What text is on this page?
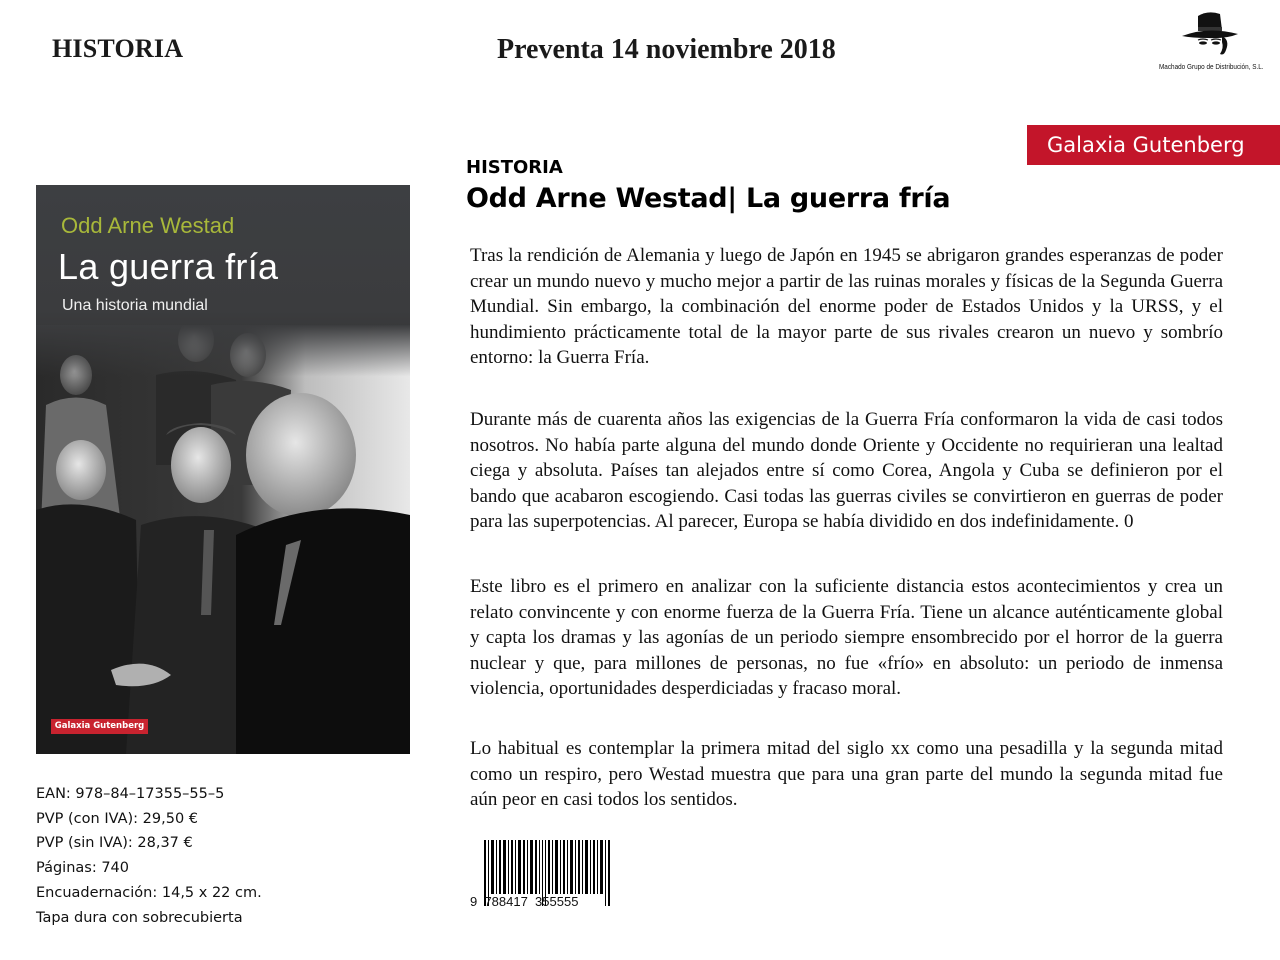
HISTORIA	Preventa 14 noviembre 2018
Machado Grupo de Distribución, S.L.
Galaxia Gutenberg
HISTORIA
Odd Arne Westad| La guerra fría

Tras la rendición de Alemania y luego de Japón en 1945 se abrigaron grandes esperanzas de poder crear un mundo nuevo y mucho mejor a partir de las ruinas morales y físicas de la Segunda Guerra Mundial. Sin embargo, la combinación del enorme poder de Estados Unidos y la URSS, y el hundimiento prácticamente total de la mayor parte de sus rivales crearon un nuevo y sombrío entorno: la Guerra Fría.

Durante más de cuarenta años las exigencias de la Guerra Fría conformaron la vida de casi todos nosotros. No había parte alguna del mundo donde Oriente y Occidente no requirieran una lealtad ciega y absoluta. Países tan alejados entre sí como Corea, Angola y Cuba se definieron por el bando que acabaron escogiendo. Casi todas las guerras civiles se convirtieron en guerras de poder para las superpotencias. Al parecer, Europa se había dividido en dos indefinidamente. 0

Este libro es el primero en analizar con la suficiente distancia estos acontecimientos y crea un relato convincente y con enorme fuerza de la Guerra Fría. Tiene un alcance auténticamente global y capta los dramas y las agonías de un periodo siempre ensombrecido por el horror de la guerra nuclear y que, para millones de personas, no fue «frío» en absoluto: un periodo de inmensa violencia, oportunidades desperdiciadas y fracaso moral.

Lo habitual es contemplar la primera mitad del siglo xx como una pesadilla y la segunda mitad como un respiro, pero Westad muestra que para una gran parte del mundo la segunda mitad fue aún peor en casi todos los sentidos.

Odd Arne Westad
La guerra fría
Una historia mundial
Galaxia Gutenberg
EAN: 978–84–17355–55–5
PVP (con IVA): 29,50 €
PVP (sin IVA): 28,37 €
Páginas: 740
Encuadernación: 14,5 x 22 cm.
Tapa dura con sobrecubierta
9  788417  355555
